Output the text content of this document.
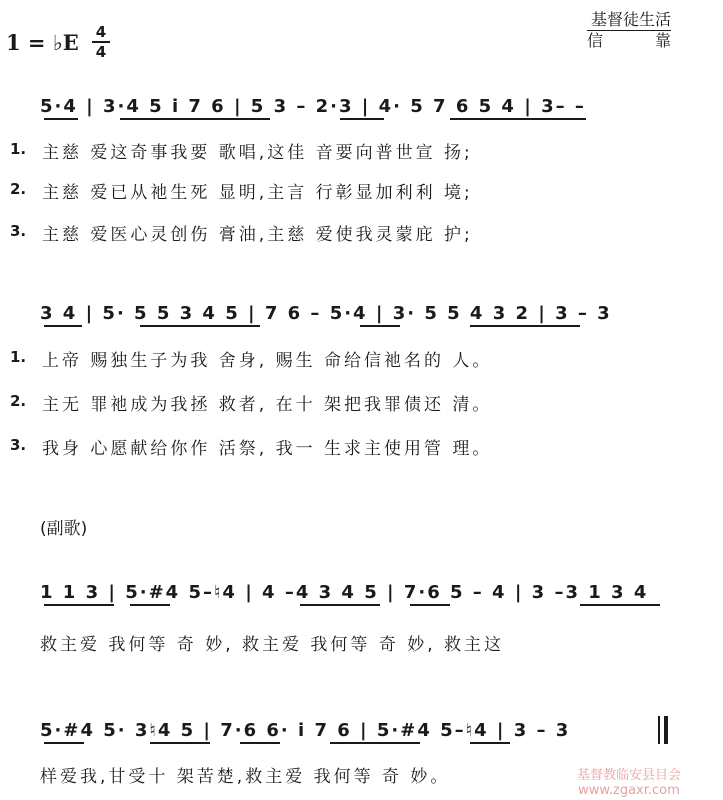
1 = ♭E 4
4
基督徒生活
信靠
5·4 | 3·4 5 i 7 6 | 5 3 – 2·3 | 4· 5 7 6 5 4 | 3– –
1. 主慈 爱这奇事我要 歌唱,这佳 音要向普世宣 扬;
2. 主慈 爱已从祂生死 显明,主言 行彰显加利利 境;
3. 主慈 爱医心灵创伤 膏油,主慈 爱使我灵蒙庇 护;
3 4 | 5· 5 5 3 4 5 | 7 6 – 5·4 | 3· 5 5 4 3 2 | 3 – 3
1. 上帝 赐独生子为我 舍身, 赐生 命给信祂名的 人。
2. 主无 罪祂成为我拯 救者, 在十 架把我罪债还 清。
3. 我身 心愿献给你作 活祭, 我一 生求主使用管 理。
(副歌)
1 1 3 | 5·#4 5–♮4 | 4 –4 3 4 5 | 7·6 5 – 4 | 3 –3 1 3 4
救主爱 我何等 奇 妙, 救主爱 我何等 奇 妙, 救主这
5·#4 5· 3♮4 5 | 7·6 6· i 7 6 | 5·#4 5–♮4 | 3 – 3
样爱我,甘受十 架苦楚,救主爱 我何等 奇 妙。	基督教临安县目会
www.zgaxr.com
